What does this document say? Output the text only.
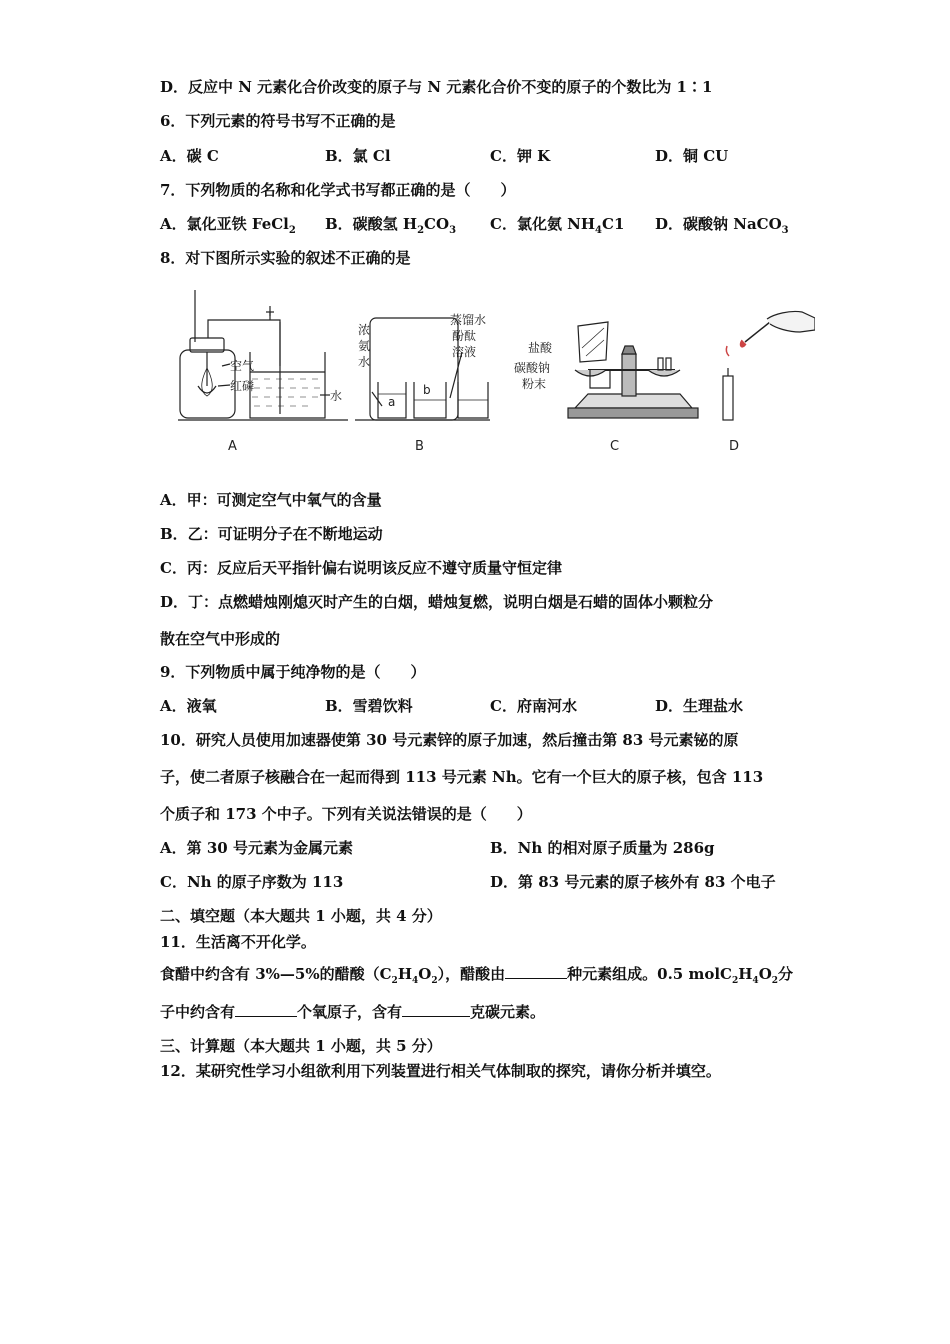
D．反应中 N 元素化合价改变的原子与 N 元素化合价不变的原子的个数比为 1∶1
6．下列元素的符号书写不正确的是
A．碳 C	B．氯 Cl	C．钾 K	D．铜 CU
7．下列物质的名称和化学式书写都正确的是（　　）
A．氯化亚铁 FeCl$_2$ B．碳酸氢 $H_2CO_3$ C．氯化氨 $NH_4C1$ D．碳酸钠 NaCO$_3$
8．对下图所示实验的叙述不正确的是
空气
红磷
水
浓
氨
水
蒸馏水
酚酞
溶液
a
b
盐酸
碳酸钠
粉末
A	B	C	D
A．甲：可测定空气中氧气的含量
B．乙：可证明分子在不断地运动
C．丙：反应后天平指针偏右说明该反应不遵守质量守恒定律
D．丁：点燃蜡烛刚熄灭时产生的白烟，蜡烛复燃，说明白烟是石蜡的固体小颗粒分
散在空气中形成的
9．下列物质中属于纯净物的是（　　）
A．液氧	B．雪碧饮料	C．府南河水	D．生理盐水
10．研究人员使用加速器使第 30 号元素锌的原子加速，然后撞击第 83 号元素铋的原
子，使二者原子核融合在一起而得到 113 号元素 Nh。它有一个巨大的原子核，包含 113
个质子和 173 个中子。下列有关说法错误的是（　　）
A．第 30 号元素为金属元素	B．Nh 的相对原子质量为 286g
C．Nh 的原子序数为 113	D．第 83 号元素的原子核外有 83 个电子
二、填空题（本大题共 1 小题，共 4 分）
11．生活离不开化学。
食醋中约含有 3%—5%的醋酸$(C_2H_4O_2)$，醋酸由	种元素组成。0.5 $molC_2H_4O_2$分
子中约含有	个氧原子，含有	克碳元素。
三、计算题（本大题共 1 小题，共 5 分）
12．某研究性学习小组欲利用下列装置进行相关气体制取的探究，请你分析并填空。
